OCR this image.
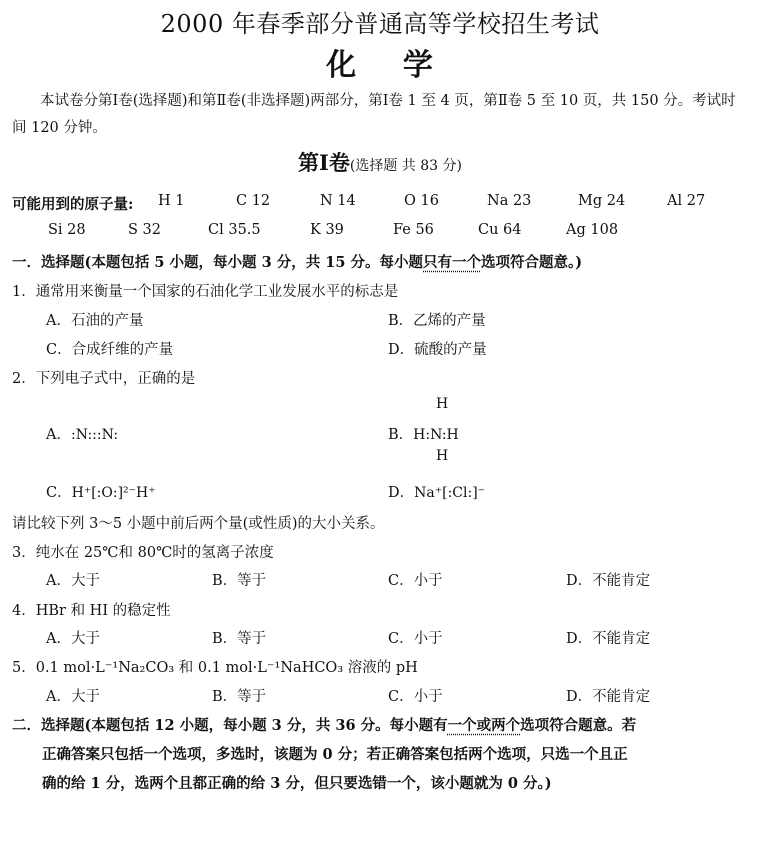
2000 年春季部分普通高等学校招生考试
化    学
本试卷分第Ⅰ卷(选择题)和第Ⅱ卷(非选择题)两部分，第Ⅰ卷 1 至 4 页，第Ⅱ卷 5 至 10 页，共 150 分。考试时间 120 分钟。
第Ⅰ卷(选择题 共 83 分)
可能用到的原子量: H 1	C 12	N 14	O 16	Na 23	Mg 24	Al 27
Si 28	S 32	Cl 35.5	K 39	Fe 56	Cu 64	Ag 108
一．选择题(本题包括 5 小题，每小题 3 分，共 15 分。每小题只有一个选项符合题意。)
1．通常用来衡量一个国家的石油化学工业发展水平的标志是
A．石油的产量	B．乙烯的产量
C．合成纤维的产量	D．硫酸的产量
2．下列电子式中，正确的是
A．:N:::N:
H
B．H:N:H
H
C．H⁺[:O:]²⁻H⁺	D．Na⁺[:Cl:]⁻
请比较下列 3～5 小题中前后两个量(或性质)的大小关系。
3．纯水在 25℃和 80℃时的氢离子浓度
A．大于	B．等于	C．小于	D．不能肯定
4．HBr 和 HI 的稳定性
A．大于	B．等于	C．小于	D．不能肯定
5．0.1 mol·L⁻¹Na₂CO₃ 和 0.1 mol·L⁻¹NaHCO₃ 溶液的 pH
A．大于	B．等于	C．小于	D．不能肯定
二．选择题(本题包括 12 小题，每小题 3 分，共 36 分。每小题有一个或两个选项符合题意。若
正确答案只包括一个选项，多选时，该题为 0 分；若正确答案包括两个选项，只选一个且正
确的给 1 分，选两个且都正确的给 3 分，但只要选错一个，该小题就为 0 分。)
